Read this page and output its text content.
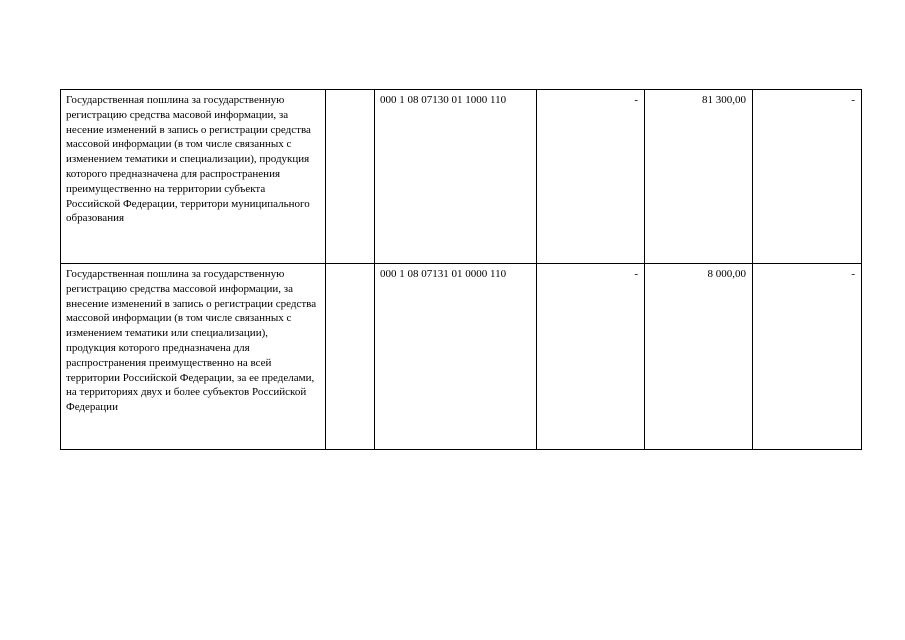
Государственная пошлина за государственную регистрацию средства масовой информации, за несение изменений в запись о регистрации средства массовой информации (в том числе связанных с изменением тематики и специализации), продукция которого предназначена для распространения преимущественно на территории субъекта Российской Федерации, территори муниципального образования		000 1 08 07130 01 1000 110	-	81 300,00	-
Государственная пошлина за государственную регистрацию средства массовой информации, за внесение изменений в запись о регистрации средства массовой информации (в том числе связанных с изменением тематики или специализации), продукция которого предназначена для распространения преимущественно на всей территории Российской Федерации, за ее пределами, на территориях двух и более субъектов Российской Федерации		000 1 08 07131 01 0000 110	-	8 000,00	-
